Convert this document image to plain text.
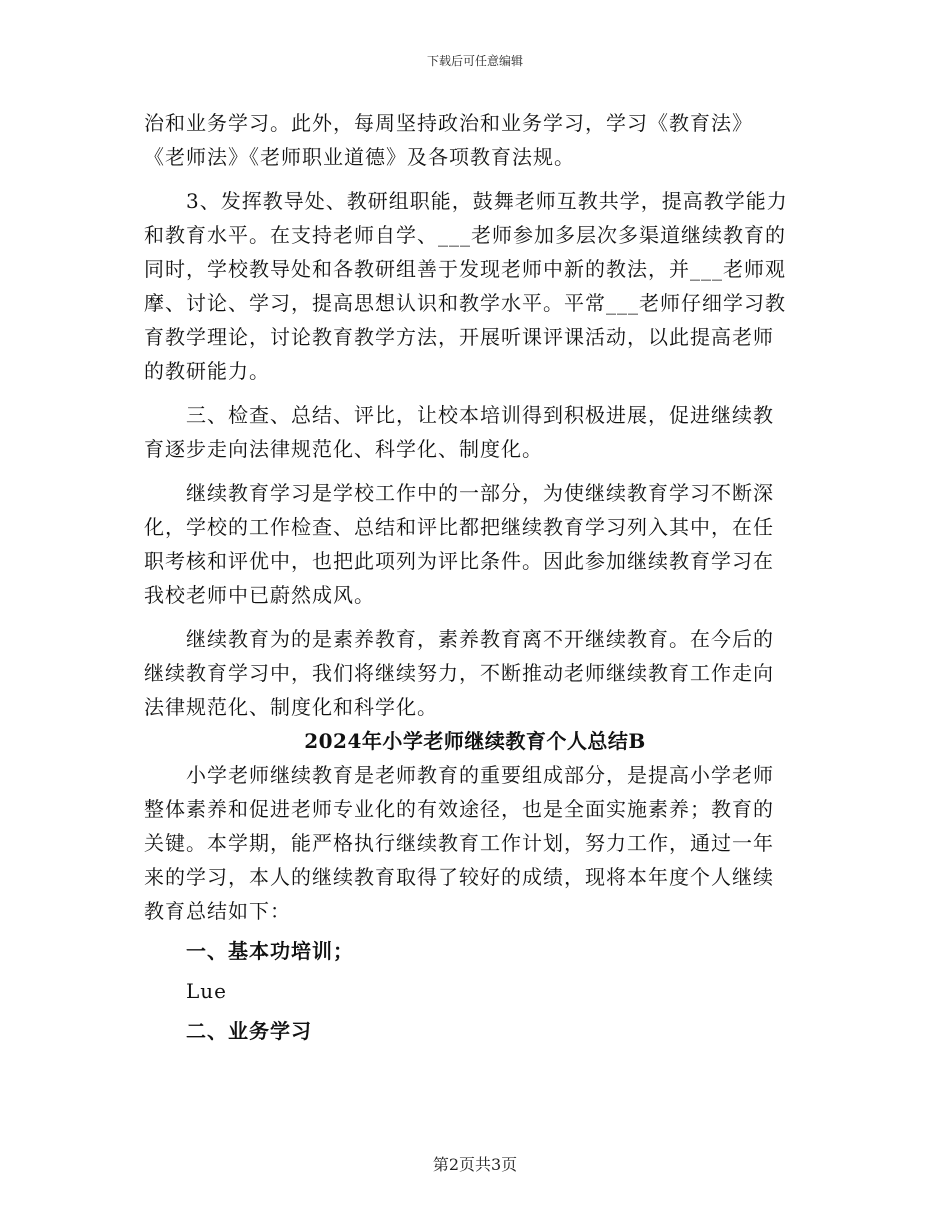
下载后可任意编辑
治和业务学习。此外，每周坚持政治和业务学习，学习《教育法》
《老师法》《老师职业道德》及各项教育法规。
3、发挥教导处、教研组职能，鼓舞老师互教共学，提高教学能力
和教育水平。在支持老师自学、___老师参加多层次多渠道继续教育的
同时，学校教导处和各教研组善于发现老师中新的教法，并___老师观
摩、讨论、学习，提高思想认识和教学水平。平常___老师仔细学习教
育教学理论，讨论教育教学方法，开展听课评课活动，以此提高老师
的教研能力。
三、检查、总结、评比，让校本培训得到积极进展，促进继续教
育逐步走向法律规范化、科学化、制度化。
继续教育学习是学校工作中的一部分，为使继续教育学习不断深
化，学校的工作检查、总结和评比都把继续教育学习列入其中，在任
职考核和评优中，也把此项列为评比条件。因此参加继续教育学习在
我校老师中已蔚然成风。
继续教育为的是素养教育，素养教育离不开继续教育。在今后的
继续教育学习中，我们将继续努力，不断推动老师继续教育工作走向
法律规范化、制度化和科学化。
2024年小学老师继续教育个人总结B
小学老师继续教育是老师教育的重要组成部分，是提高小学老师
整体素养和促进老师专业化的有效途径，也是全面实施素养；教育的
关键。本学期，能严格执行继续教育工作计划，努力工作，通过一年
来的学习，本人的继续教育取得了较好的成绩，现将本年度个人继续
教育总结如下：
一、基本功培训；
Lue
二、业务学习
第2页共3页
